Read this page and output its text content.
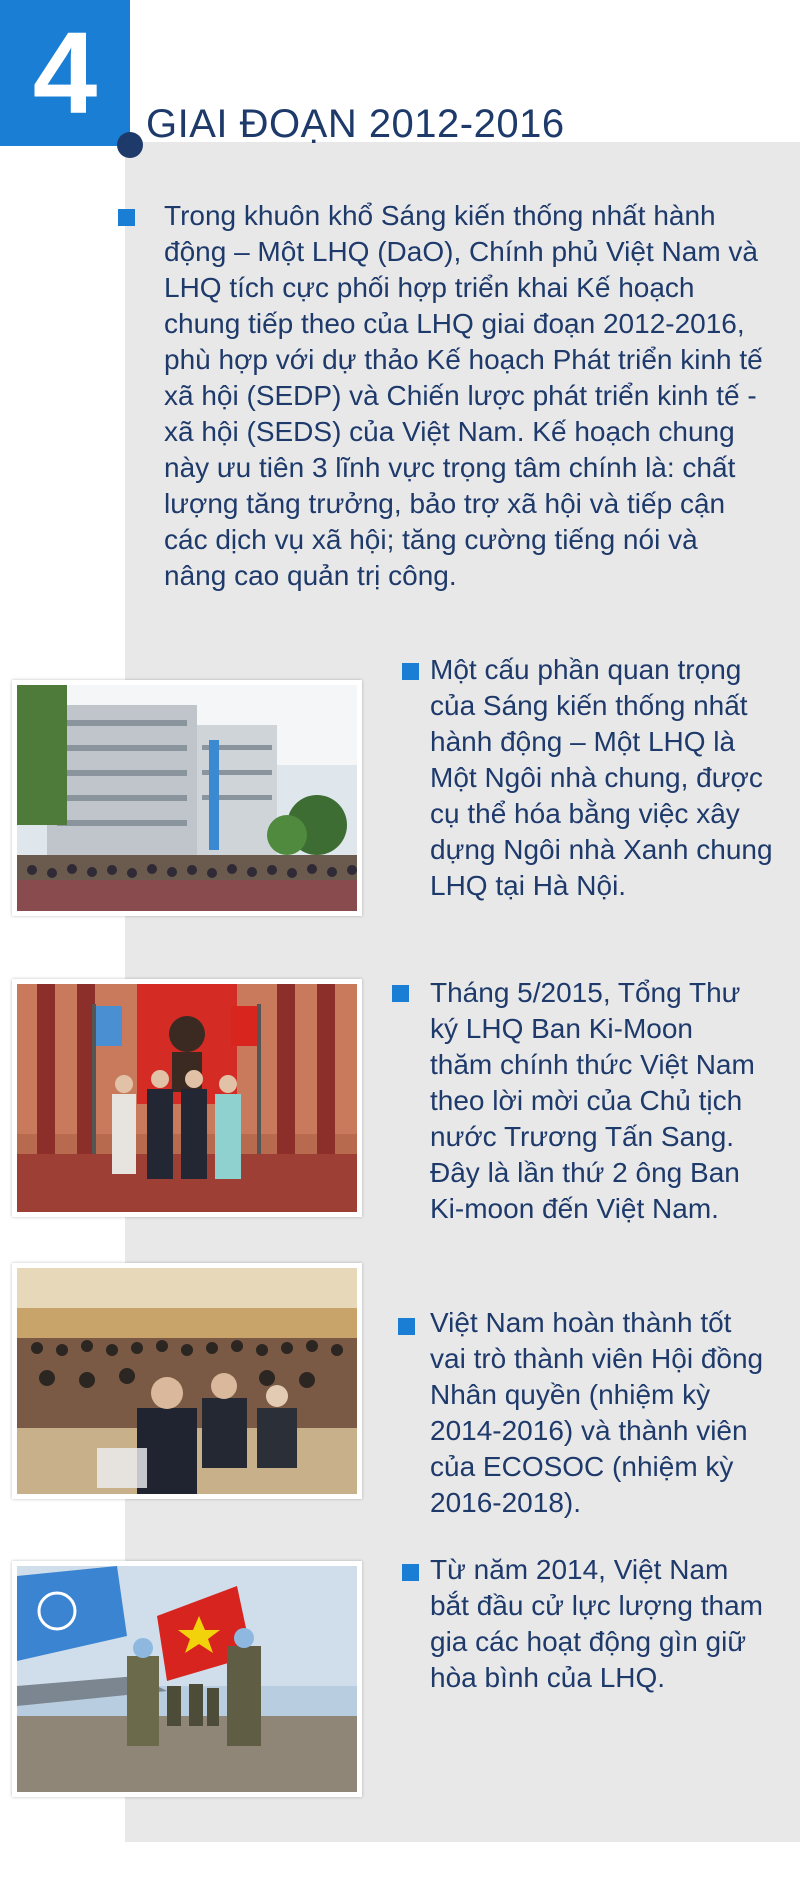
4 GIAI ĐOẠN 2012-2016
Trong khuôn khổ Sáng kiến thống nhất hành động – Một LHQ (DaO), Chính phủ Việt Nam và LHQ tích cực phối hợp triển khai Kế hoạch chung tiếp theo của LHQ giai đoạn 2012-2016, phù hợp với dự thảo Kế hoạch Phát triển kinh tế xã hội (SEDP) và Chiến lược phát triển kinh tế - xã hội (SEDS) của Việt Nam. Kế hoạch chung này ưu tiên 3 lĩnh vực trọng tâm chính là: chất lượng tăng trưởng, bảo trợ xã hội và tiếp cận các dịch vụ xã hội; tăng cường tiếng nói và nâng cao quản trị công.
Một cấu phần quan trọng của Sáng kiến thống nhất hành động – Một LHQ là Một Ngôi nhà chung, được cụ thể hóa bằng việc xây dựng Ngôi nhà Xanh chung LHQ tại Hà Nội.
Tháng 5/2015, Tổng Thư ký LHQ Ban Ki-Moon thăm chính thức Việt Nam theo lời mời của Chủ tịch nước Trương Tấn Sang. Đây là lần thứ 2 ông Ban Ki-moon đến Việt Nam.
Việt Nam hoàn thành tốt vai trò thành viên Hội đồng Nhân quyền (nhiệm kỳ 2014-2016) và thành viên của ECOSOC (nhiệm kỳ 2016-2018).
Từ năm 2014, Việt Nam bắt đầu cử lực lượng tham gia các hoạt động gìn giữ hòa bình của LHQ.
